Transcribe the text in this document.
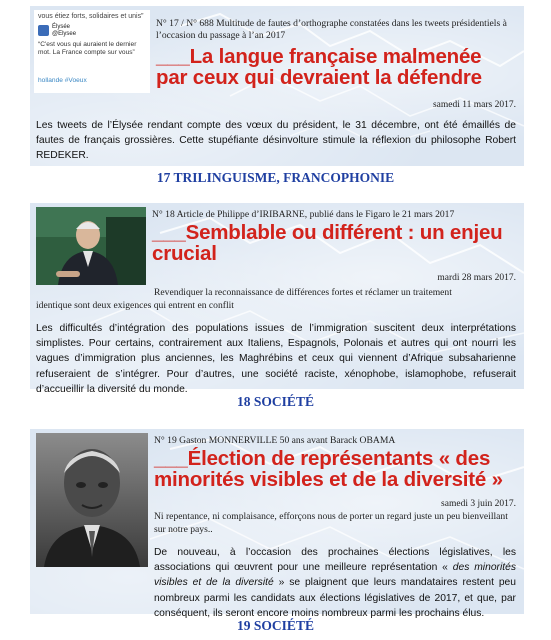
vous étiez forts, solidaires et unis”
Élysée
@Elysee
“C'est vous qui auraient le dernier mot. La France compte sur vous”
hollande #Voeux
N° 17 / N° 688 Multitude de fautes d’orthographe constatées dans les tweets présidentiels à l’occasion du passage à l’an 2017
___La langue française malmenée par ceux qui devraient la défendre
samedi 11 mars 2017.
Les tweets de l’Élysée rendant compte des vœux du président, le 31 décembre, ont été émaillés de fautes de français grossières. Cette stupéfiante désinvolture stimule la réflexion du philosophe Robert REDEKER.
17 TRILINGUISME, FRANCOPHONIE
N° 18 Article de Philippe d’IRIBARNE, publié dans le Figaro le 21 mars 2017
___Semblable ou différent : un enjeu crucial
mardi 28 mars 2017.
Revendiquer la reconnaissance de différences fortes et réclamer un traitement identique sont deux exigences qui entrent en conflit
Les difficultés d’intégration des populations issues de l’immigration suscitent deux interprétations simplistes. Pour certains, contrairement aux Italiens, Espagnols, Polonais et autres qui ont nourri les vagues d’immigration plus anciennes, les Maghrébins et ceux qui viennent d’Afrique subsaharienne refuseraient de s’intégrer. Pour d’autres, une société raciste, xénophobe, islamophobe, refuserait d’accueillir la diversité du monde.
18 SOCIÉTÉ
N° 19 Gaston MONNERVILLE 50 ans avant Barack OBAMA
___Élection de représentants « des minorités visibles et de la diversité »
samedi 3 juin 2017.
Ni repentance, ni complaisance, efforçons nous de porter un regard juste un peu bienveillant sur notre pays..
De nouveau, à l’occasion des prochaines élections législatives, les associations qui œuvrent pour une meilleure représentation « des minorités visibles et de la diversité » se plaignent que leurs mandataires restent peu nombreux parmi les candidats aux élections législatives de 2017, et que, par conséquent, ils seront encore moins nombreux parmi les prochains élus.
19 SOCIÉTÉ
